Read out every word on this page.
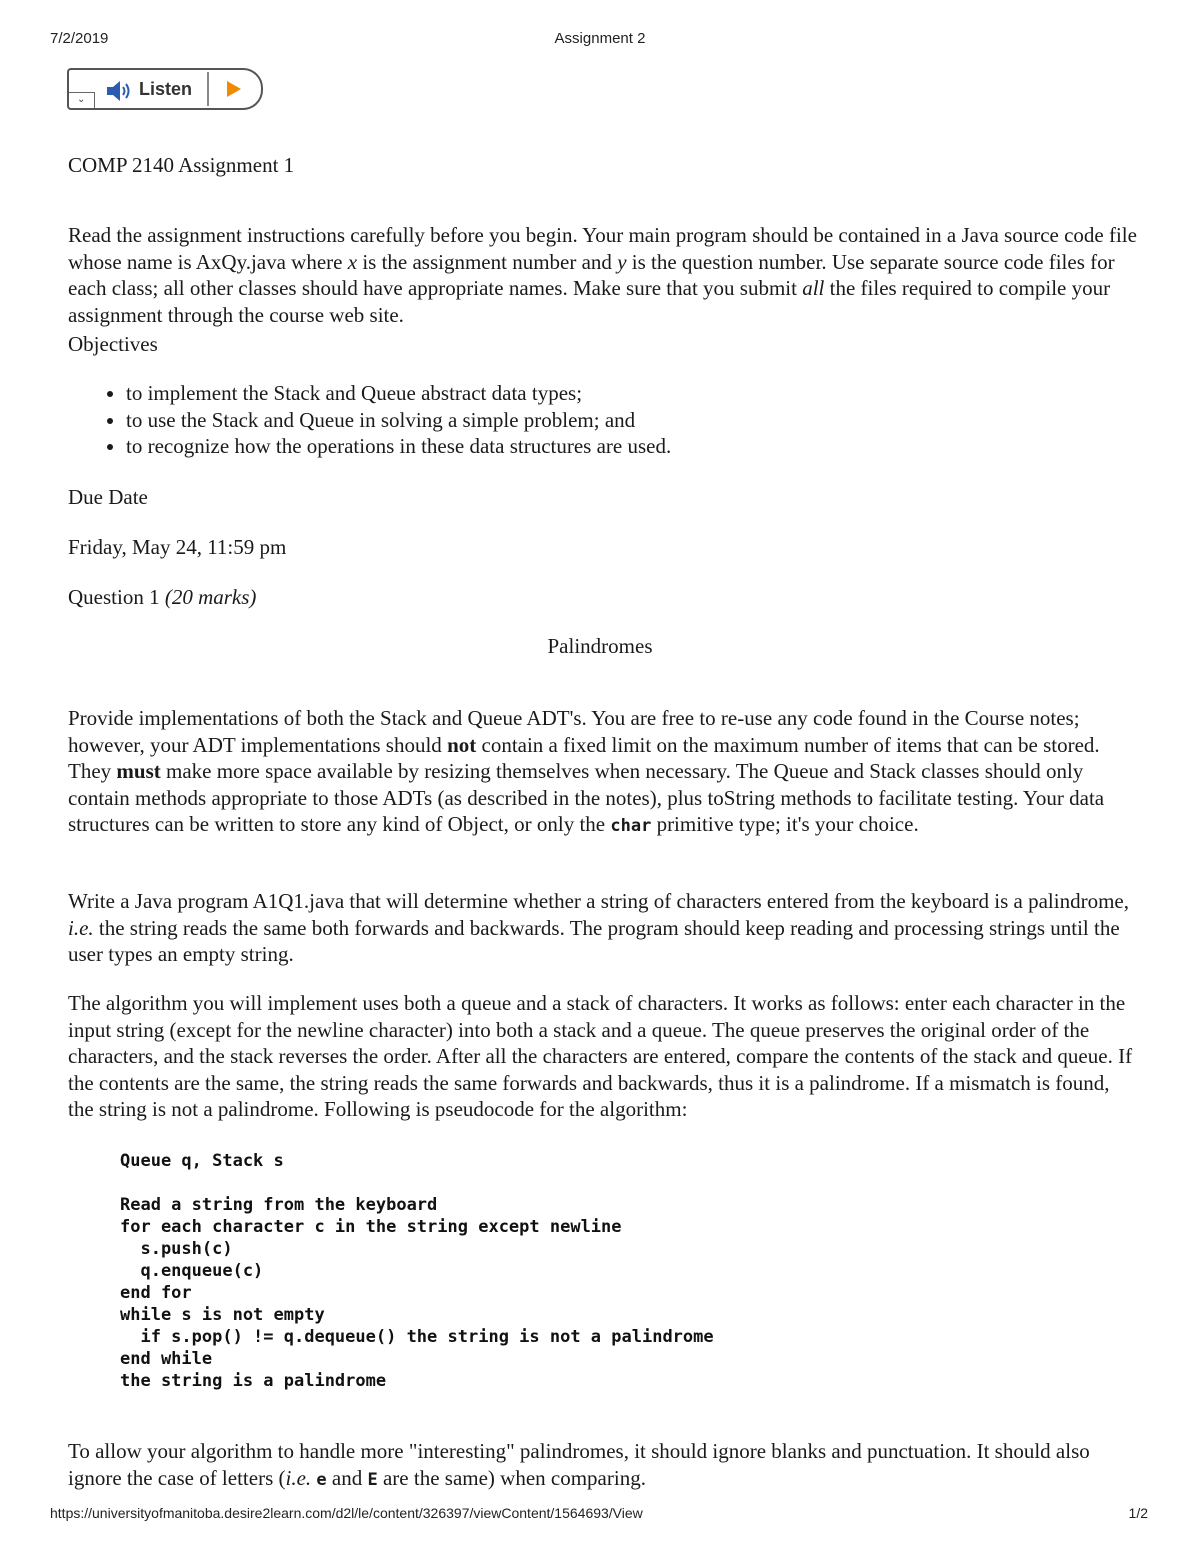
7/2/2019	Assignment 2
⌄
Listen
COMP 2140 Assignment 1

Read the assignment instructions carefully before you begin. Your main program should be contained in a Java source code file whose name is AxQy.java where x is the assignment number and y is the question number. Use separate source code files for each class; all other classes should have appropriate names. Make sure that you submit all the files required to compile your assignment through the course web site.

Objectives
• to implement the Stack and Queue abstract data types;
• to use the Stack and Queue in solving a simple problem; and
• to recognize how the operations in these data structures are used.
Due Date
Friday, May 24, 11:59 pm
Question 1 (20 marks)
Palindromes

Provide implementations of both the Stack and Queue ADT's. You are free to re-use any code found in the Course notes; however, your ADT implementations should not contain a fixed limit on the maximum number of items that can be stored. They must make more space available by resizing themselves when necessary. The Queue and Stack classes should only contain methods appropriate to those ADTs (as described in the notes), plus toString methods to facilitate testing. Your data structures can be written to store any kind of Object, or only the char primitive type; it's your choice.

Write a Java program A1Q1.java that will determine whether a string of characters entered from the keyboard is a palindrome, i.e. the string reads the same both forwards and backwards. The program should keep reading and processing strings until the user types an empty string.

The algorithm you will implement uses both a queue and a stack of characters. It works as follows: enter each character in the input string (except for the newline character) into both a stack and a queue. The queue preserves the original order of the characters, and the stack reverses the order. After all the characters are entered, compare the contents of the stack and queue. If the contents are the same, the string reads the same forwards and backwards, thus it is a palindrome. If a mismatch is found, the string is not a palindrome. Following is pseudocode for the algorithm:

Queue q, Stack s

Read a string from the keyboard
for each character c in the string except newline
s.push(c)
q.enqueue(c)
end for
while s is not empty
if s.pop() != q.dequeue() the string is not a palindrome
end while
the string is a palindrome

To allow your algorithm to handle more "interesting" palindromes, it should ignore blanks and punctuation. It should also ignore the case of letters (i.e. e and E are the same) when comparing.

https://universityofmanitoba.desire2learn.com/d2l/le/content/326397/viewContent/1564693/View	1/2
